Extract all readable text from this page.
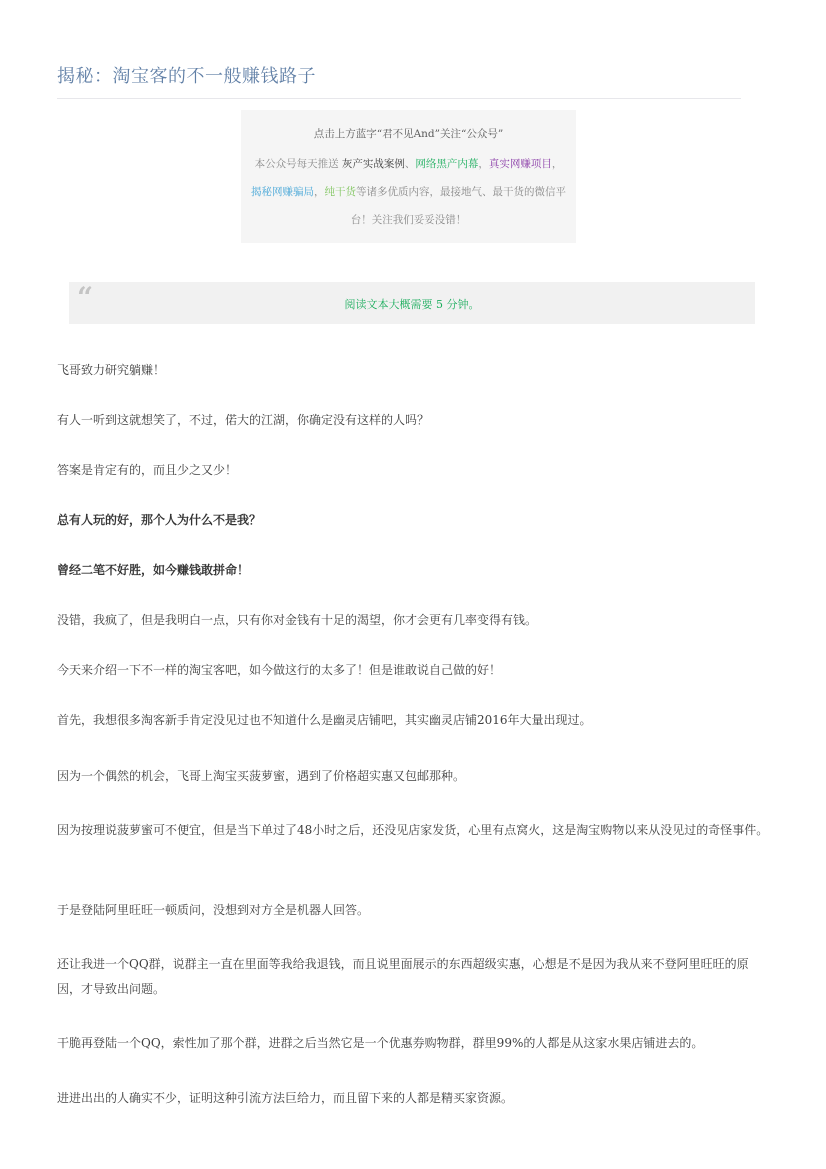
揭秘：淘宝客的不一般赚钱路子
点击上方蓝字“君不见And”关注“公众号”
本公众号每天推送 灰产实战案例、网络黑产内幕，真实网赚项目，揭秘网赚骗局，纯干货等诸多优质内容，最接地气、最干货的微信平台！关注我们妥妥没错！
“	阅读文本大概需要 5 分钟。
飞哥致力研究躺赚！
有人一听到这就想笑了，不过，偌大的江湖，你确定没有这样的人吗？
答案是肯定有的，而且少之又少！
总有人玩的好，那个人为什么不是我？
曾经二笔不好胜，如今赚钱敢拼命！
没错，我疯了，但是我明白一点，只有你对金钱有十足的渴望，你才会更有几率变得有钱。
今天来介绍一下不一样的淘宝客吧，如今做这行的太多了！但是谁敢说自己做的好！
首先，我想很多淘客新手肯定没见过也不知道什么是幽灵店铺吧，其实幽灵店铺2016年大量出现过。
因为一个偶然的机会，飞哥上淘宝买菠萝蜜，遇到了价格超实惠又包邮那种。
因为按理说菠萝蜜可不便宜，但是当下单过了48小时之后，还没见店家发货，心里有点窝火，这是淘宝购物以来从没见过的奇怪事件。
于是登陆阿里旺旺一顿质问，没想到对方全是机器人回答。
还让我进一个QQ群，说群主一直在里面等我给我退钱，而且说里面展示的东西超级实惠，心想是不是因为我从来不登阿里旺旺的原因，才导致出问题。
干脆再登陆一个QQ，索性加了那个群，进群之后当然它是一个优惠券购物群，群里99%的人都是从这家水果店铺进去的。
进进出出的人确实不少，证明这种引流方法巨给力，而且留下来的人都是精买家资源。
